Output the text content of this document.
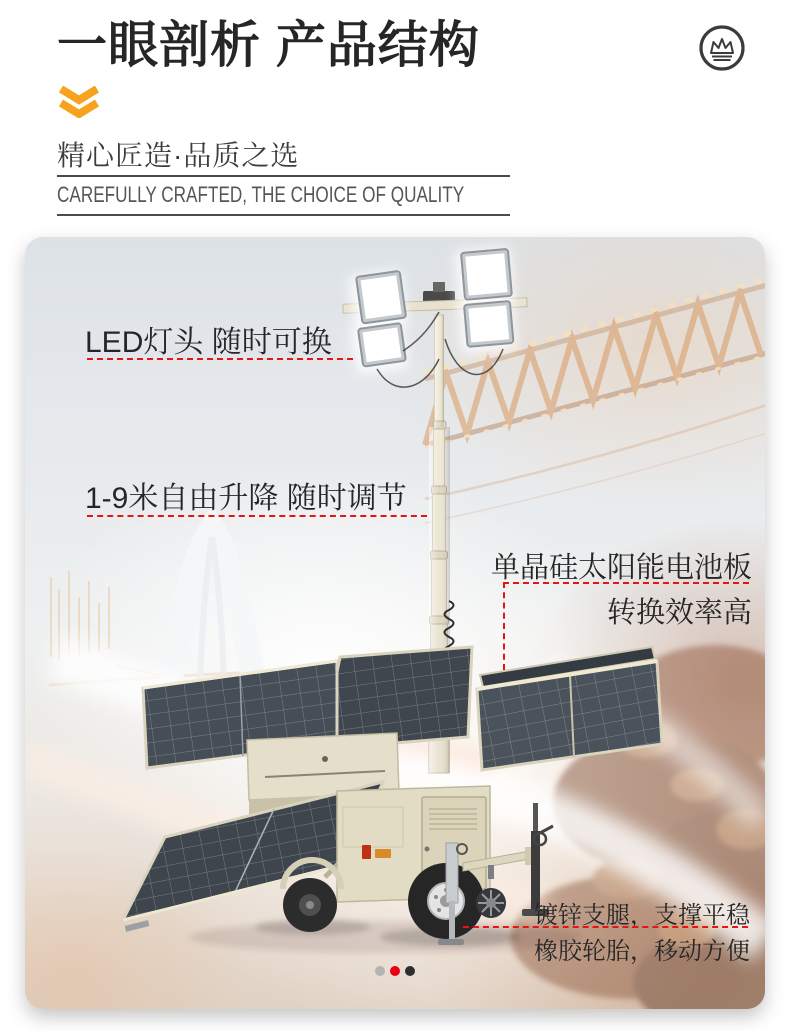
一眼剖析 产品结构
精心匠造·品质之选
CAREFULLY CRAFTED, THE CHOICE OF QUALITY
LED灯头 随时可换
1-9米自由升降 随时调节
单晶硅太阳能电池板
转换效率高
镀锌支腿，支撑平稳
橡胶轮胎，移动方便
